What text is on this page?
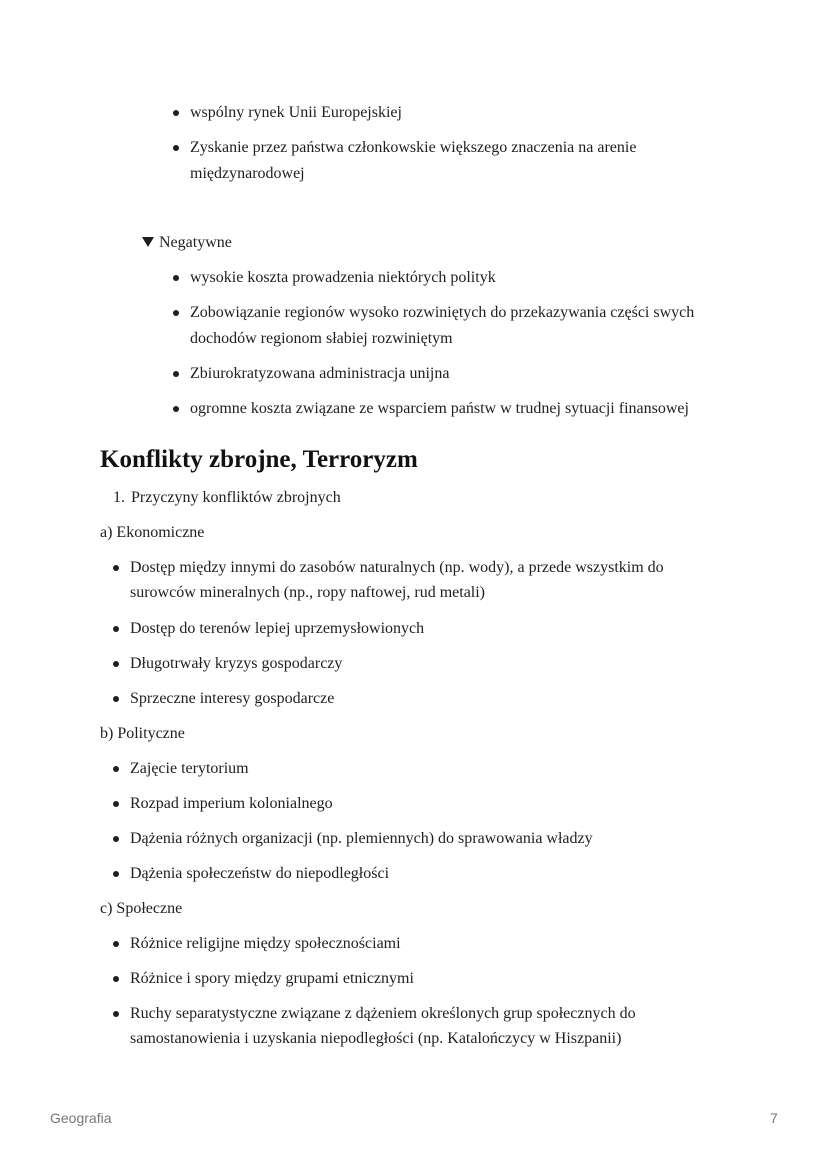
wspólny rynek Unii Europejskiej
Zyskanie przez państwa członkowskie większego znaczenia na arenie
międzynarodowej
Negatywne
wysokie koszta prowadzenia niektórych polityk
Zobowiązanie regionów wysoko rozwiniętych do przekazywania części swych
dochodów regionom słabiej rozwiniętym
Zbiurokratyzowana administracja unijna
ogromne koszta związane ze wsparciem państw w trudnej sytuacji finansowej
Konflikty zbrojne, Terroryzm
1. Przyczyny konfliktów zbrojnych
a) Ekonomiczne
Dostęp między innymi do zasobów naturalnych (np. wody), a przede wszystkim do
surowców mineralnych (np., ropy naftowej, rud metali)
Dostęp do terenów lepiej uprzemysłowionych
Długotrwały kryzys gospodarczy
Sprzeczne interesy gospodarcze
b) Polityczne
Zajęcie terytorium
Rozpad imperium kolonialnego
Dążenia różnych organizacji (np. plemiennych) do sprawowania władzy
Dążenia społeczeństw do niepodległości
c) Społeczne
Różnice religijne między społecznościami
Różnice i spory między grupami etnicznymi
Ruchy separatystyczne związane z dążeniem określonych grup społecznych do
samostanowienia i uzyskania niepodległości (np. Katalończycy w Hiszpanii)
Geografia	7
